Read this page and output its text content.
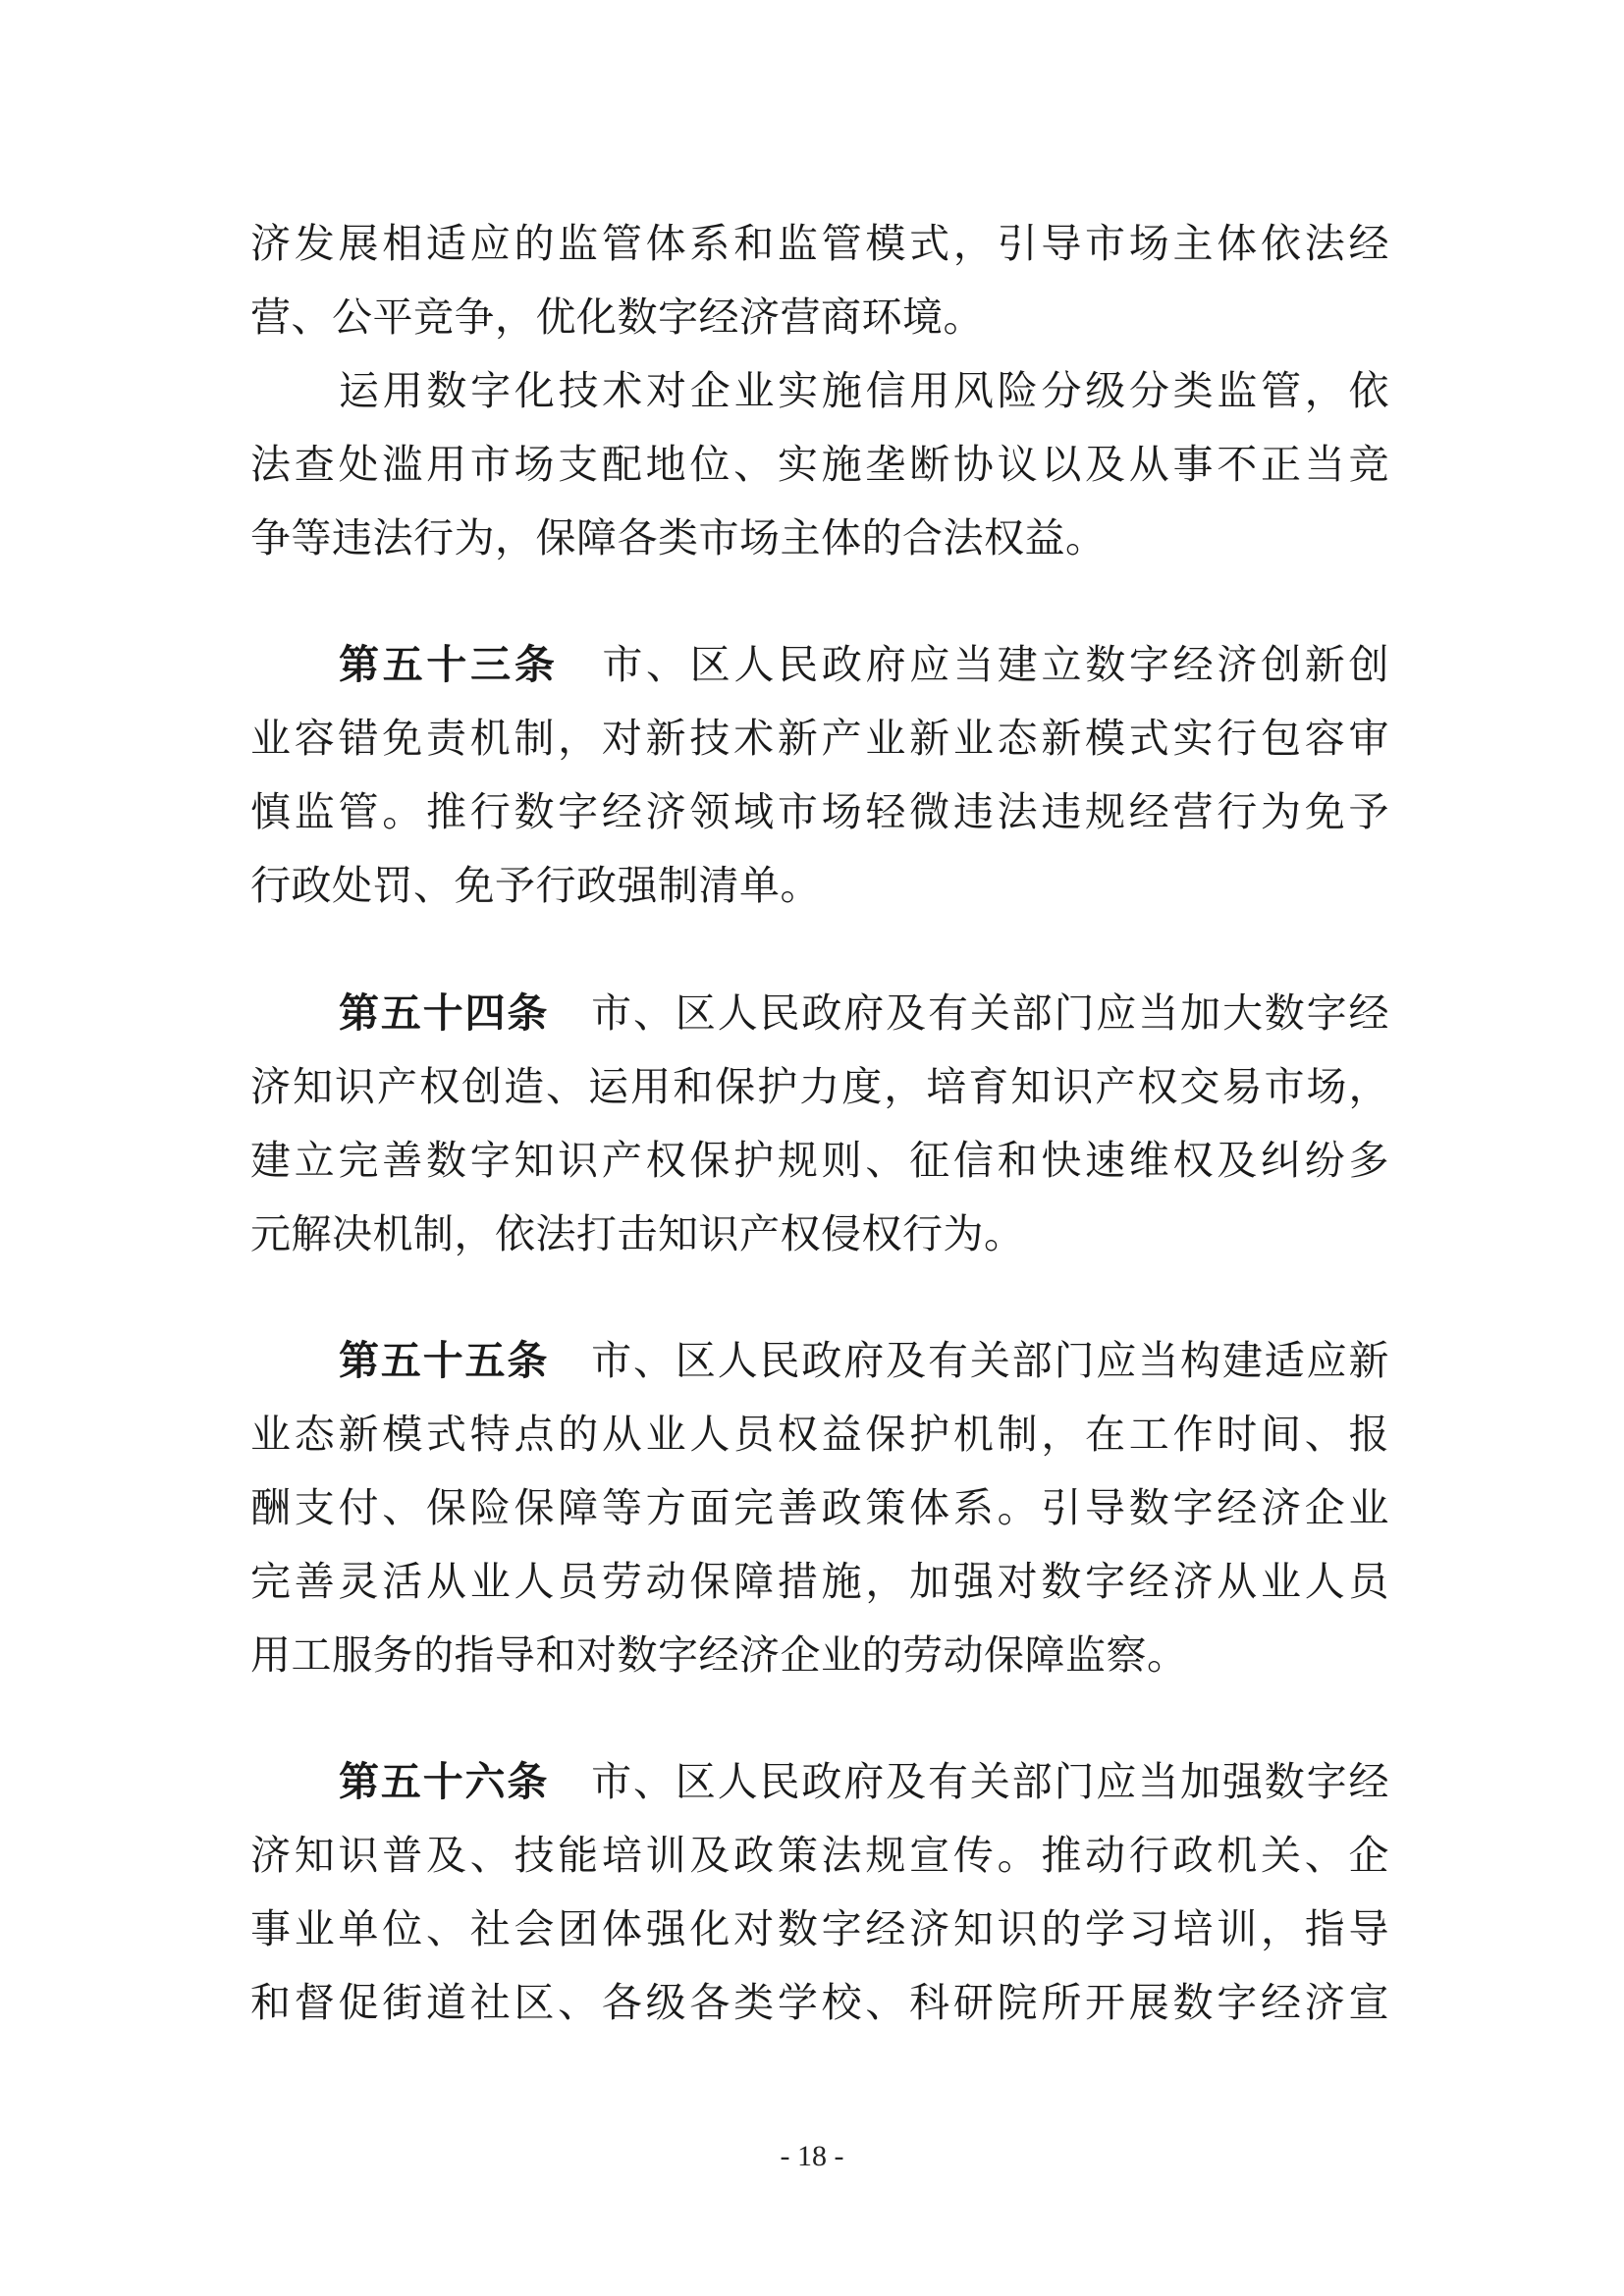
济发展相适应的监管体系和监管模式，引导市场主体依法经
营、公平竞争，优化数字经济营商环境。
运用数字化技术对企业实施信用风险分级分类监管，依
法查处滥用市场支配地位、实施垄断协议以及从事不正当竞
争等违法行为，保障各类市场主体的合法权益。
第五十三条　 市、区人民政府应当建立数字经济创新创
业容错免责机制，对新技术新产业新业态新模式实行包容审
慎监管。推行数字经济领域市场轻微违法违规经营行为免予
行政处罚、免予行政强制清单。
第五十四条　 市、区人民政府及有关部门应当加大数字经
济知识产权创造、运用和保护力度，培育知识产权交易市场，
建立完善数字知识产权保护规则、征信和快速维权及纠纷多
元解决机制，依法打击知识产权侵权行为。
第五十五条　 市、区人民政府及有关部门应当构建适应新
业态新模式特点的从业人员权益保护机制，在工作时间、报
酬支付、保险保障等方面完善政策体系。引导数字经济企业
完善灵活从业人员劳动保障措施，加强对数字经济从业人员
用工服务的指导和对数字经济企业的劳动保障监察。
第五十六条　 市、区人民政府及有关部门应当加强数字经
济知识普及、技能培训及政策法规宣传。推动行政机关、企
事业单位、社会团体强化对数字经济知识的学习培训，指导
和督促街道社区、各级各类学校、科研院所开展数字经济宣
- 18 -
